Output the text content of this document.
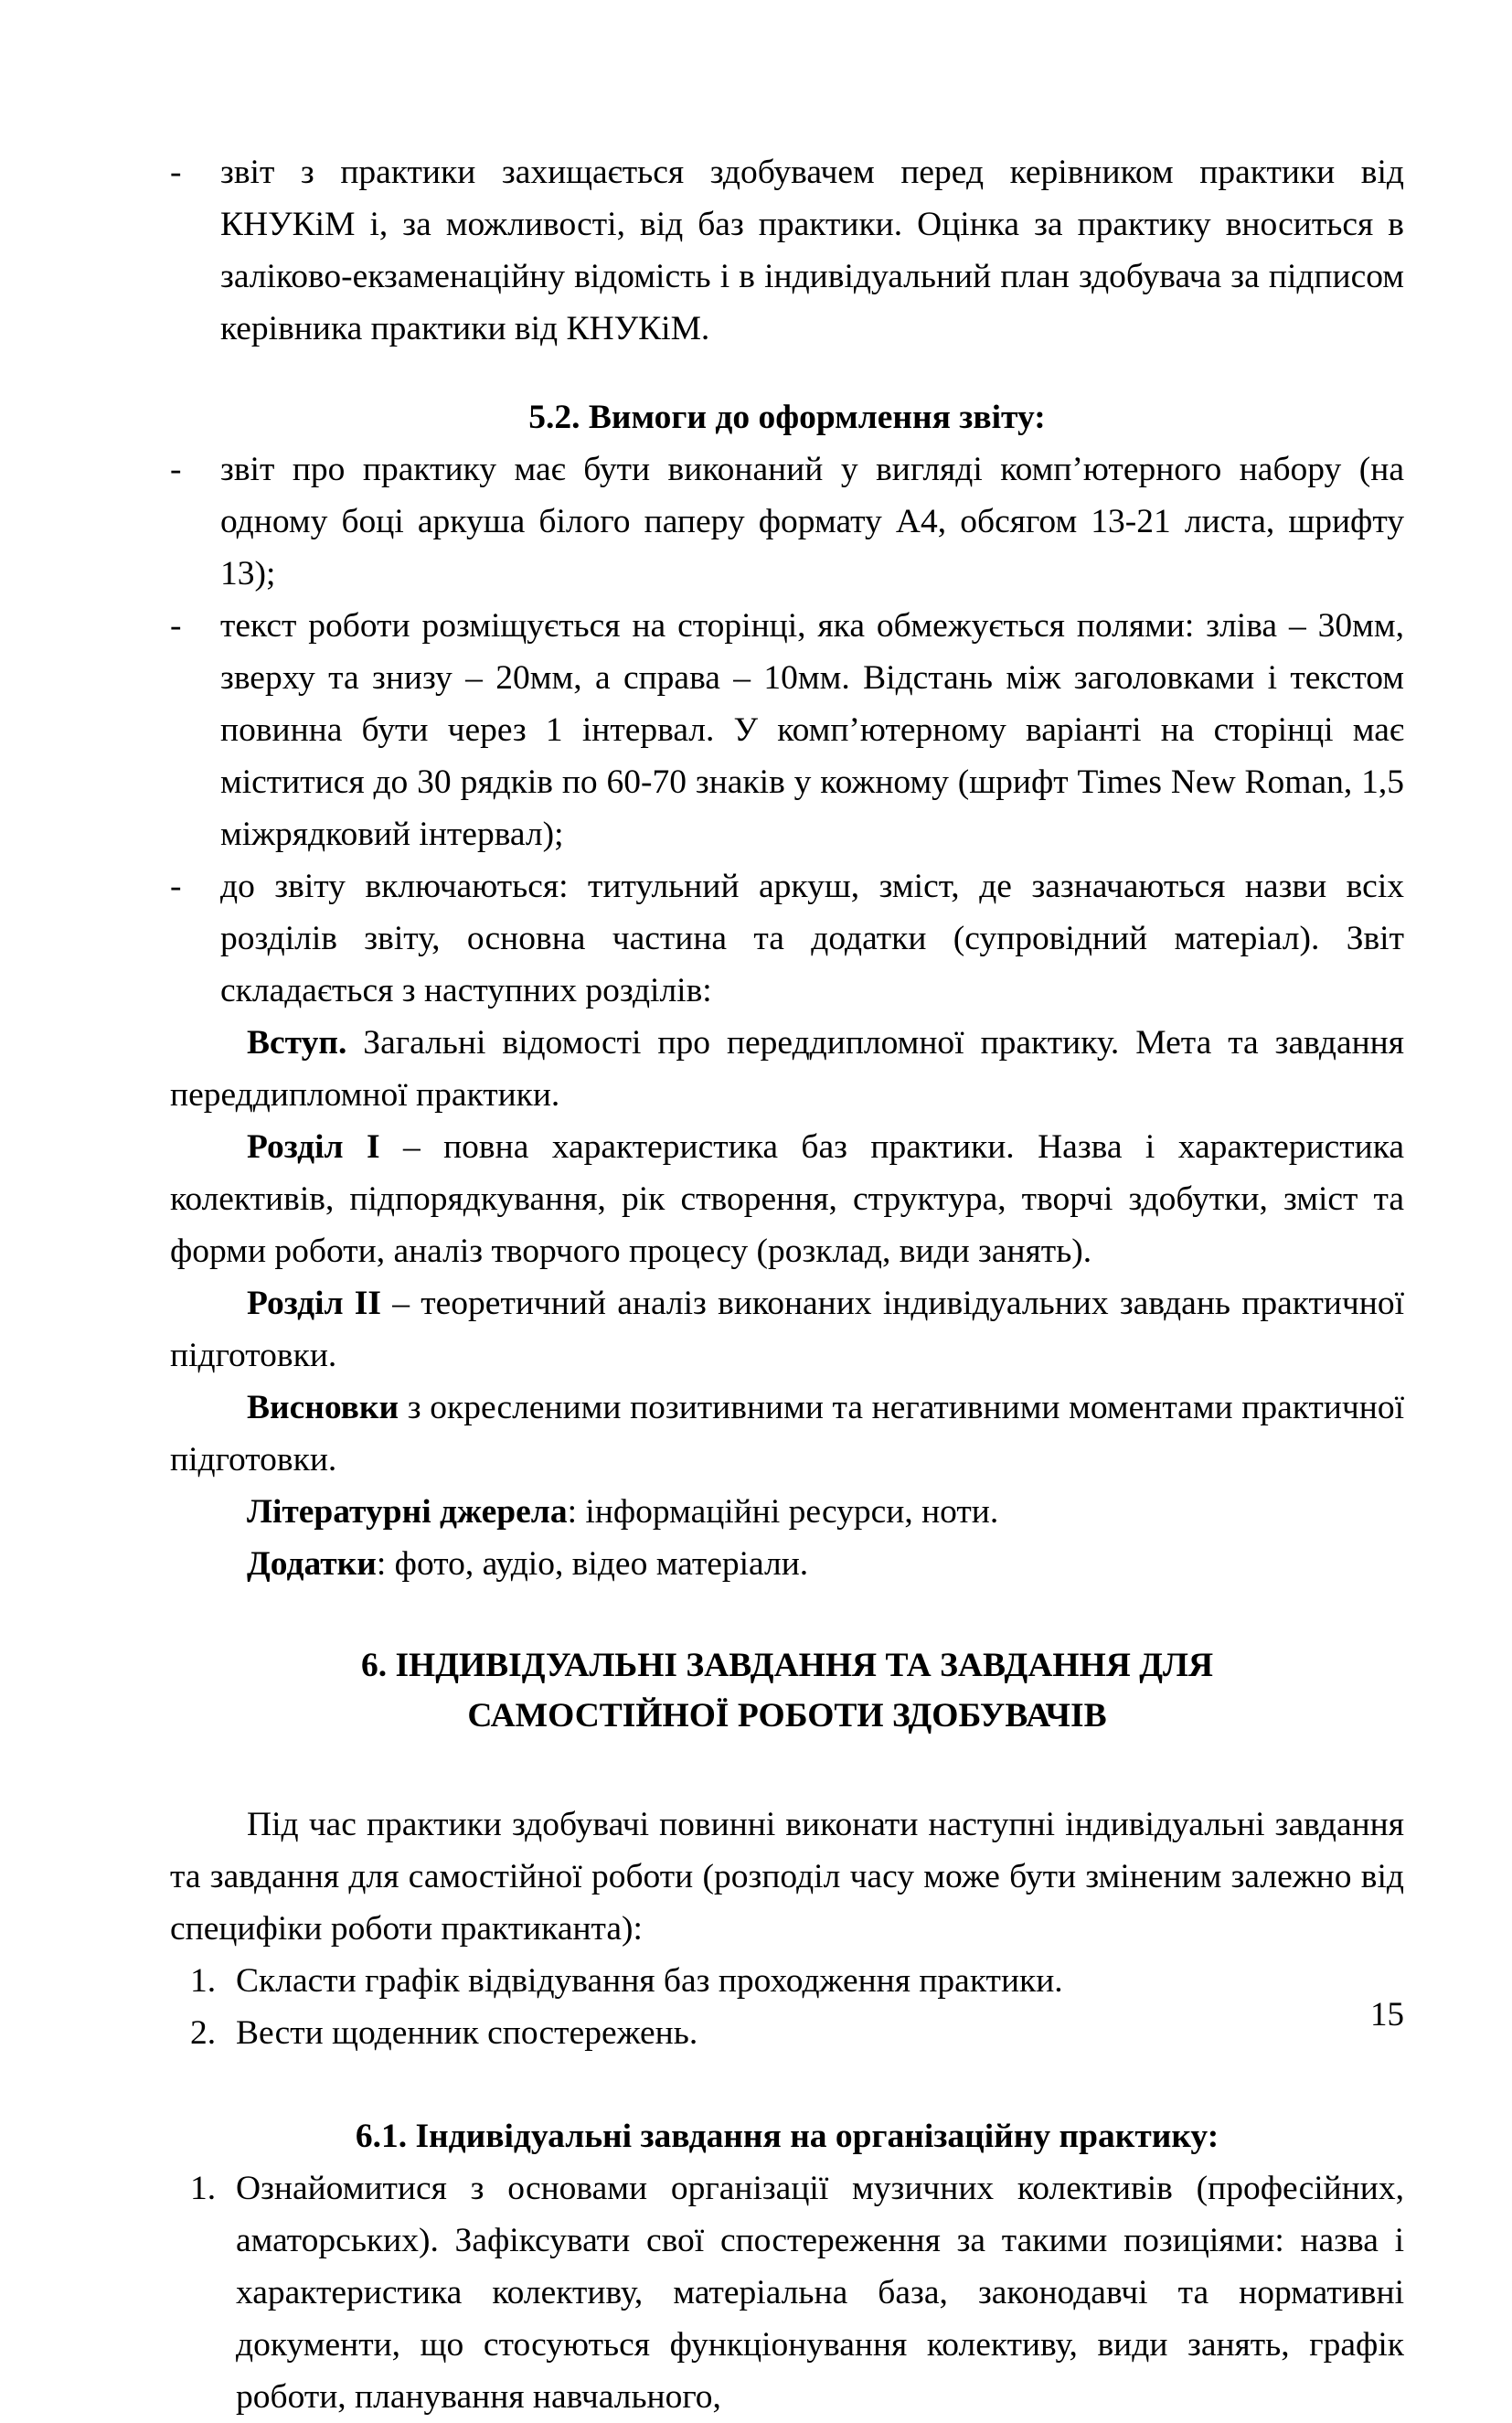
-	звіт з практики захищається здобувачем перед керівником практики від КНУКіМ і, за можливості, від баз практики. Оцінка за практику вноситься в заліково-екзаменаційну відомість і в індивідуальний план здобувача за підписом керівника практики від КНУКіМ.
5.2. Вимоги до оформлення звіту:
-	звіт про практику має бути виконаний у вигляді комп’ютерного набору (на одному боці аркуша білого паперу формату А4, обсягом 13-21 листа, шрифту 13);
-	текст роботи розміщується на сторінці, яка обмежується полями: зліва – 30мм, зверху та знизу – 20мм, а справа – 10мм. Відстань між заголовками і текстом повинна бути через 1 інтервал. У комп’ютерному варіанті на сторінці має міститися до 30 рядків по 60-70 знаків у кожному (шрифт Times New Roman, 1,5 міжрядковий інтервал);
-	до звіту включаються: титульний аркуш, зміст, де зазначаються назви всіх розділів звіту, основна частина та додатки (супровідний матеріал). Звіт складається з наступних розділів:
Вступ. Загальні відомості про переддипломної практику. Мета та завдання переддипломної практики.
Розділ I – повна характеристика баз практики. Назва і характеристика колективів, підпорядкування, рік створення, структура, творчі здобутки, зміст та форми роботи, аналіз творчого процесу (розклад, види занять).
Розділ II – теоретичний аналіз виконаних індивідуальних завдань практичної підготовки.
Висновки з окресленими позитивними та негативними моментами практичної підготовки.
Літературні джерела: інформаційні ресурси, ноти.
Додатки: фото, аудіо, відео матеріали.
6. ІНДИВІДУАЛЬНІ ЗАВДАННЯ ТА ЗАВДАННЯ ДЛЯ
САМОСТІЙНОЇ РОБОТИ ЗДОБУВАЧІВ
Під час практики здобувачі повинні виконати наступні індивідуальні завдання та завдання для самостійної роботи (розподіл часу може бути зміненим залежно від специфіки роботи практиканта):
1. Скласти графік відвідування баз проходження практики.
2. Вести щоденник спостережень.
6.1. Індивідуальні завдання на організаційну практику:
1. Ознайомитися з основами організації музичних колективів (професійних, аматорських). Зафіксувати свої спостереження за такими позиціями: назва і характеристика колективу, матеріальна база, законодавчі та нормативні документи, що стосуються функціонування колективу, види занять, графік роботи, планування навчального,
15
